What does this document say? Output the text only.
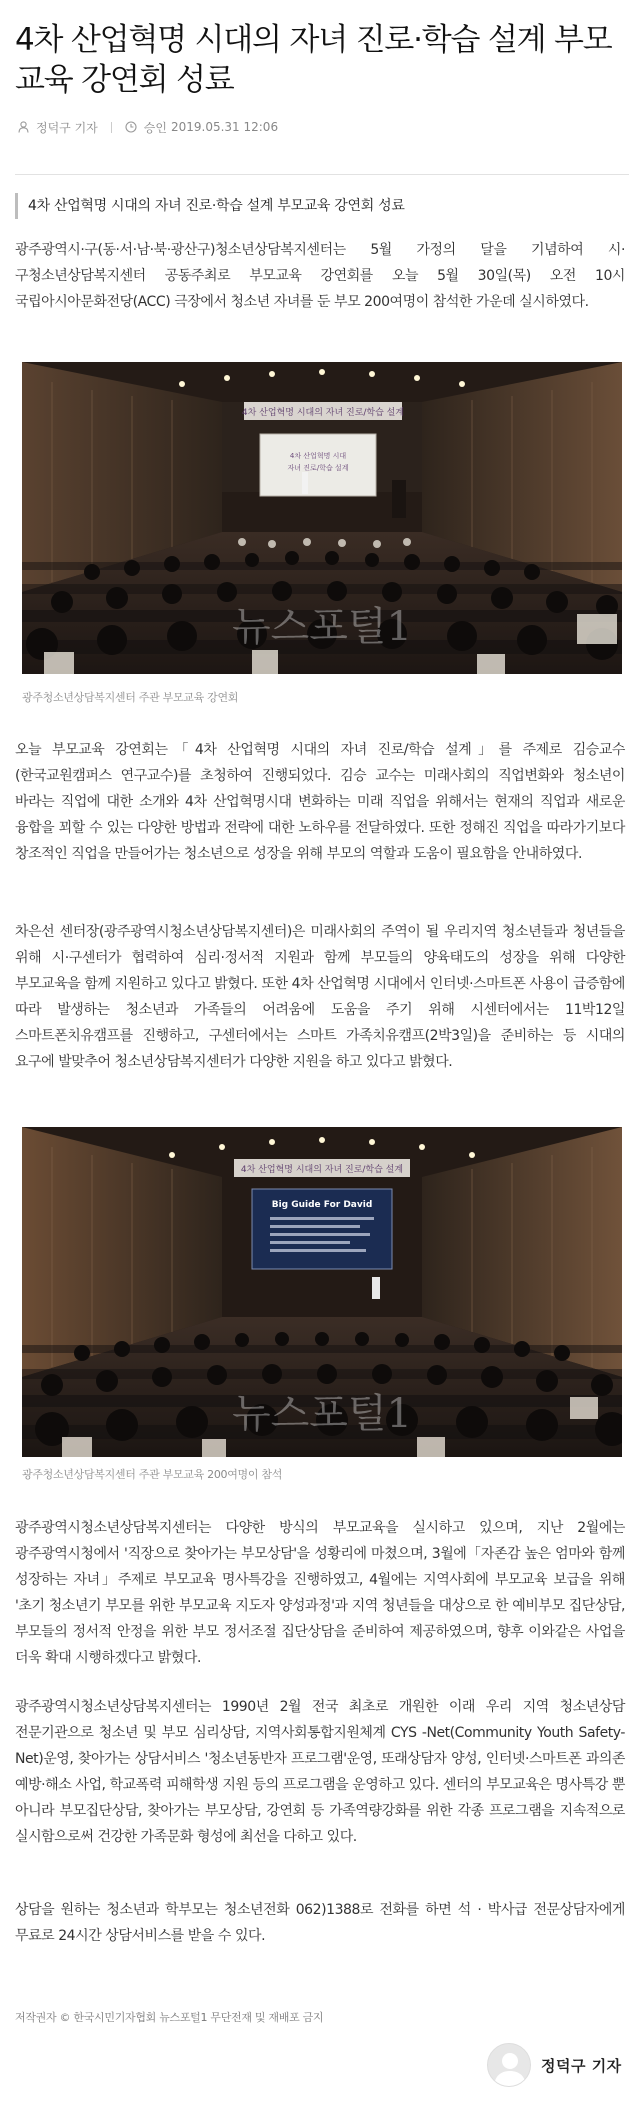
4차 산업혁명 시대의 자녀 진로·학습 설계 부모교육 강연회 성료
정덕구 기자	승인 2019.05.31 12:06
4차 산업혁명 시대의 자녀 진로·학습 설계 부모교육 강연회 성료

광주광역시·구(동·서·남·북·광산구)청소년상담복지센터는 5월 가정의 달을 기념하여 시·구청소년상담복지센터 공동주최로 부모교육 강연회를 오늘 5월 30일(목) 오전 10시 국립아시아문화전당(ACC) 극장에서 청소년 자녀를 둔 부모 200여명이 참석한 가운데 실시하였다.

4차 산업혁명 시대의 자녀 진로/학습 설계
4차 산업혁명 시대
자녀 진로/학습 설계
뉴스포털1
광주청소년상담복지센터 주관 부모교육 강연회

오늘 부모교육 강연회는「4차 산업혁명 시대의 자녀 진로/학습 설계」를 주제로 김승교수(한국교원캠퍼스 연구교수)를 초청하여 진행되었다. 김승 교수는 미래사회의 직업변화와 청소년이 바라는 직업에 대한 소개와 4차 산업혁명시대 변화하는 미래 직업을 위해서는 현재의 직업과 새로운 융합을 꾀할 수 있는 다양한 방법과 전략에 대한 노하우를 전달하였다. 또한 정해진 직업을 따라가기보다 창조적인 직업을 만들어가는 청소년으로 성장을 위해 부모의 역할과 도움이 필요함을 안내하였다.

차은선 센터장(광주광역시청소년상담복지센터)은 미래사회의 주역이 될 우리지역 청소년들과 청년들을 위해 시·구센터가 협력하여 심리·정서적 지원과 함께 부모들의 양육태도의 성장을 위해 다양한 부모교육을 함께 지원하고 있다고 밝혔다. 또한 4차 산업혁명 시대에서 인터넷·스마트폰 사용이 급증함에 따라 발생하는 청소년과 가족들의 어려움에 도움을 주기 위해 시센터에서는 11박12일 스마트폰치유캠프를 진행하고, 구센터에서는 스마트 가족치유캠프(2박3일)을 준비하는 등 시대의 요구에 발맞추어 청소년상담복지센터가 다양한 지원을 하고 있다고 밝혔다.

4차 산업혁명 시대의 자녀 진로/학습 설계
Big Guide For David
뉴스포털1
광주청소년상담복지센터 주관 부모교육 200여명이 참석

광주광역시청소년상담복지센터는 다양한 방식의 부모교육을 실시하고 있으며, 지난 2월에는 광주광역시청에서 '직장으로 찾아가는 부모상담'을 성황리에 마쳤으며, 3월에「자존감 높은 엄마와 함께 성장하는 자녀」주제로 부모교육 명사특강을 진행하였고, 4월에는 지역사회에 부모교육 보급을 위해 '초기 청소년기 부모를 위한 부모교육 지도자 양성과정'과 지역 청년들을 대상으로 한 예비부모 집단상담, 부모들의 정서적 안정을 위한 부모 정서조절 집단상담을 준비하여 제공하였으며, 향후 이와같은 사업을 더욱 확대 시행하겠다고 밝혔다.

광주광역시청소년상담복지센터는 1990년 2월 전국 최초로 개원한 이래 우리 지역 청소년상담 전문기관으로 청소년 및 부모 심리상담, 지역사회통합지원체계 CYS -Net(Community Youth Safety-Net)운영, 찾아가는 상담서비스 '청소년동반자 프로그램'운영, 또래상담자 양성, 인터넷·스마트폰 과의존 예방·해소 사업, 학교폭력 피해학생 지원 등의 프로그램을 운영하고 있다. 센터의 부모교육은 명사특강 뿐 아니라 부모집단상담, 찾아가는 부모상담, 강연회 등 가족역량강화를 위한 각종 프로그램을 지속적으로 실시함으로써 건강한 가족문화 형성에 최선을 다하고 있다.

상담을 원하는 청소년과 학부모는 청소년전화 062)1388로 전화를 하면 석 · 박사급 전문상담자에게 무료로 24시간 상담서비스를 받을 수 있다.

저작권자 © 한국시민기자협회 뉴스포털1 무단전재 및 재배포 금지
정덕구 기자
